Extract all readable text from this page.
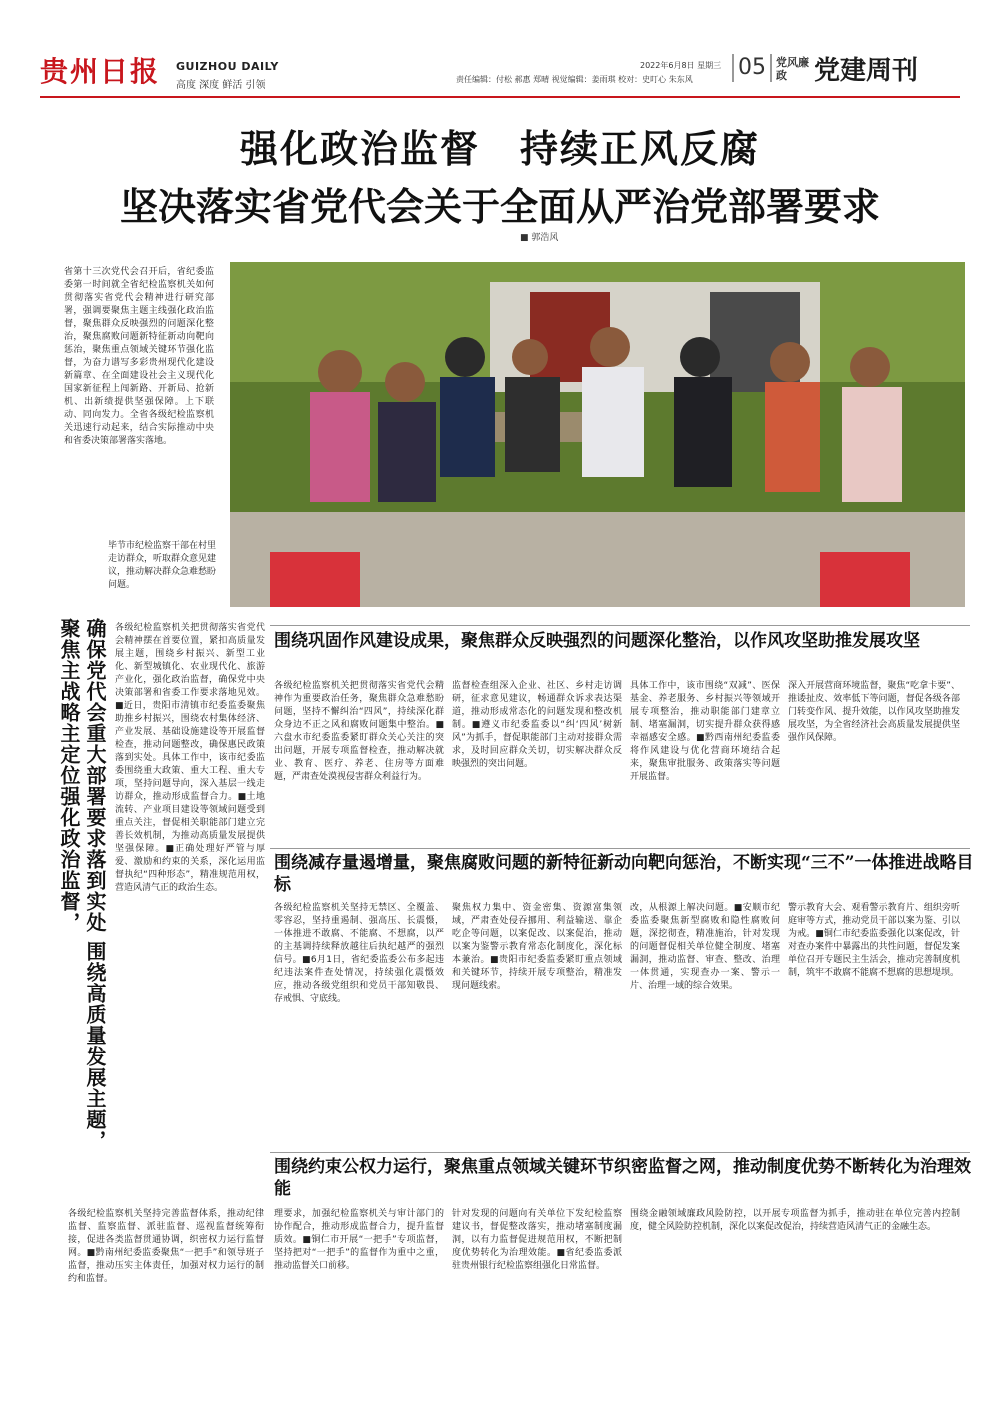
贵州日报 GUIZHOU DAILY
高度 深度 鲜活 引领
责任编辑：付松 郝惠 郑晴 视觉编辑：姜雨琪 校对：史叮心 朱东风
2022年6月8日 星期三 05 党风廉政	党建周刊
强化政治监督　持续正风反腐
坚决落实省党代会关于全面从严治党部署要求
■ 郭浩风
省第十三次党代会召开后，省纪委监委第一时间就全省纪检监察机关如何贯彻落实省党代会精神进行研究部署，强调要聚焦主题主线强化政治监督，聚焦群众反映强烈的问题深化整治，聚焦腐败问题新特征新动向靶向惩治，聚焦重点领域关键环节强化监督，为奋力谱写多彩贵州现代化建设新篇章、在全面建设社会主义现代化国家新征程上闯新路、开新局、抢新机、出新绩提供坚强保障。上下联动、同向发力。全省各级纪检监察机关迅速行动起来，结合实际推动中央和省委决策部署落实落地。
毕节市纪检监察干部在村里走访群众，听取群众意见建议，推动解决群众急难愁盼问题。
确保党代会重大部署要求落到实处 围绕高质量发展主题，聚焦主战略主定位强化政治监督，	各级纪检监察机关把贯彻落实省党代会精神摆在首要位置，紧扣高质量发展主题，围绕乡村振兴、新型工业化、新型城镇化、农业现代化、旅游产业化，强化政治监督，确保党中央决策部署和省委工作要求落地见效。■近日，贵阳市清镇市纪委监委聚焦助推乡村振兴，围绕农村集体经济、产业发展、基础设施建设等开展监督检查，推动问题整改，确保惠民政策落到实处。具体工作中，该市纪委监委围绕重大政策、重大工程、重大专项，坚持问题导向，深入基层一线走访群众，推动形成监督合力。■土地流转、产业项目建设等领域问题受到重点关注，督促相关职能部门建立完善长效机制，为推动高质量发展提供坚强保障。■正确处理好严管与厚爱、激励和约束的关系，深化运用监督执纪“四种形态”，精准规范用权，营造风清气正的政治生态。
围绕巩固作风建设成果，聚焦群众反映强烈的问题深化整治，以作风攻坚助推发展攻坚
各级纪检监察机关把贯彻落实省党代会精神作为重要政治任务，聚焦群众急难愁盼问题，坚持不懈纠治“四风”，持续深化群众身边不正之风和腐败问题集中整治。■六盘水市纪委监委紧盯群众关心关注的突出问题，开展专项监督检查，推动解决就业、教育、医疗、养老、住房等方面难题，严肃查处漠视侵害群众利益行为。
监督检查组深入企业、社区、乡村走访调研，征求意见建议，畅通群众诉求表达渠道，推动形成常态化的问题发现和整改机制。■遵义市纪委监委以“纠‘四风’树新风”为抓手，督促职能部门主动对接群众需求，及时回应群众关切，切实解决群众反映强烈的突出问题。
具体工作中，该市围绕“双减”、医保基金、养老服务、乡村振兴等领域开展专项整治，推动职能部门建章立制、堵塞漏洞，切实提升群众获得感幸福感安全感。■黔西南州纪委监委将作风建设与优化营商环境结合起来，聚焦审批服务、政策落实等问题开展监督。
深入开展营商环境监督，聚焦“吃拿卡要”、推诿扯皮、效率低下等问题，督促各级各部门转变作风、提升效能，以作风攻坚助推发展攻坚，为全省经济社会高质量发展提供坚强作风保障。
围绕减存量遏增量，聚焦腐败问题的新特征新动向靶向惩治，不断实现“三不”一体推进战略目标
各级纪检监察机关坚持无禁区、全覆盖、零容忍，坚持重遏制、强高压、长震慑，一体推进不敢腐、不能腐、不想腐，以严的主基调持续释放越往后执纪越严的强烈信号。■6月1日，省纪委监委公布多起违纪违法案件查处情况，持续强化震慑效应，推动各级党组织和党员干部知敬畏、存戒惧、守底线。
聚焦权力集中、资金密集、资源富集领域，严肃查处侵吞挪用、利益输送、靠企吃企等问题，以案促改、以案促治，推动以案为鉴警示教育常态化制度化，深化标本兼治。■贵阳市纪委监委紧盯重点领域和关键环节，持续开展专项整治，精准发现问题线索。
改，从根源上解决问题。■安顺市纪委监委聚焦新型腐败和隐性腐败问题，深挖彻查，精准施治，针对发现的问题督促相关单位健全制度、堵塞漏洞，推动监督、审查、整改、治理一体贯通，实现查办一案、警示一片、治理一域的综合效果。
警示教育大会、观看警示教育片、组织旁听庭审等方式，推动党员干部以案为鉴、引以为戒。■铜仁市纪委监委强化以案促改，针对查办案件中暴露出的共性问题，督促发案单位召开专题民主生活会，推动完善制度机制，筑牢不敢腐不能腐不想腐的思想堤坝。
围绕约束公权力运行，聚焦重点领域关键环节织密监督之网，推动制度优势不断转化为治理效能
各级纪检监察机关坚持完善监督体系，推动纪律监督、监察监督、派驻监督、巡视监督统筹衔接，促进各类监督贯通协调，织密权力运行监督网。■黔南州纪委监委聚焦“一把手”和领导班子监督，推动压实主体责任，加强对权力运行的制约和监督。
理要求，加强纪检监察机关与审计部门的协作配合，推动形成监督合力，提升监督质效。■铜仁市开展“一把手”专项监督，坚持把对“一把手”的监督作为重中之重，推动监督关口前移。
针对发现的问题向有关单位下发纪检监察建议书，督促整改落实，推动堵塞制度漏洞，以有力监督促进规范用权，不断把制度优势转化为治理效能。■省纪委监委派驻贵州银行纪检监察组强化日常监督。
围绕金融领域廉政风险防控，以开展专项监督为抓手，推动驻在单位完善内控制度，健全风险防控机制，深化以案促改促治，持续营造风清气正的金融生态。
